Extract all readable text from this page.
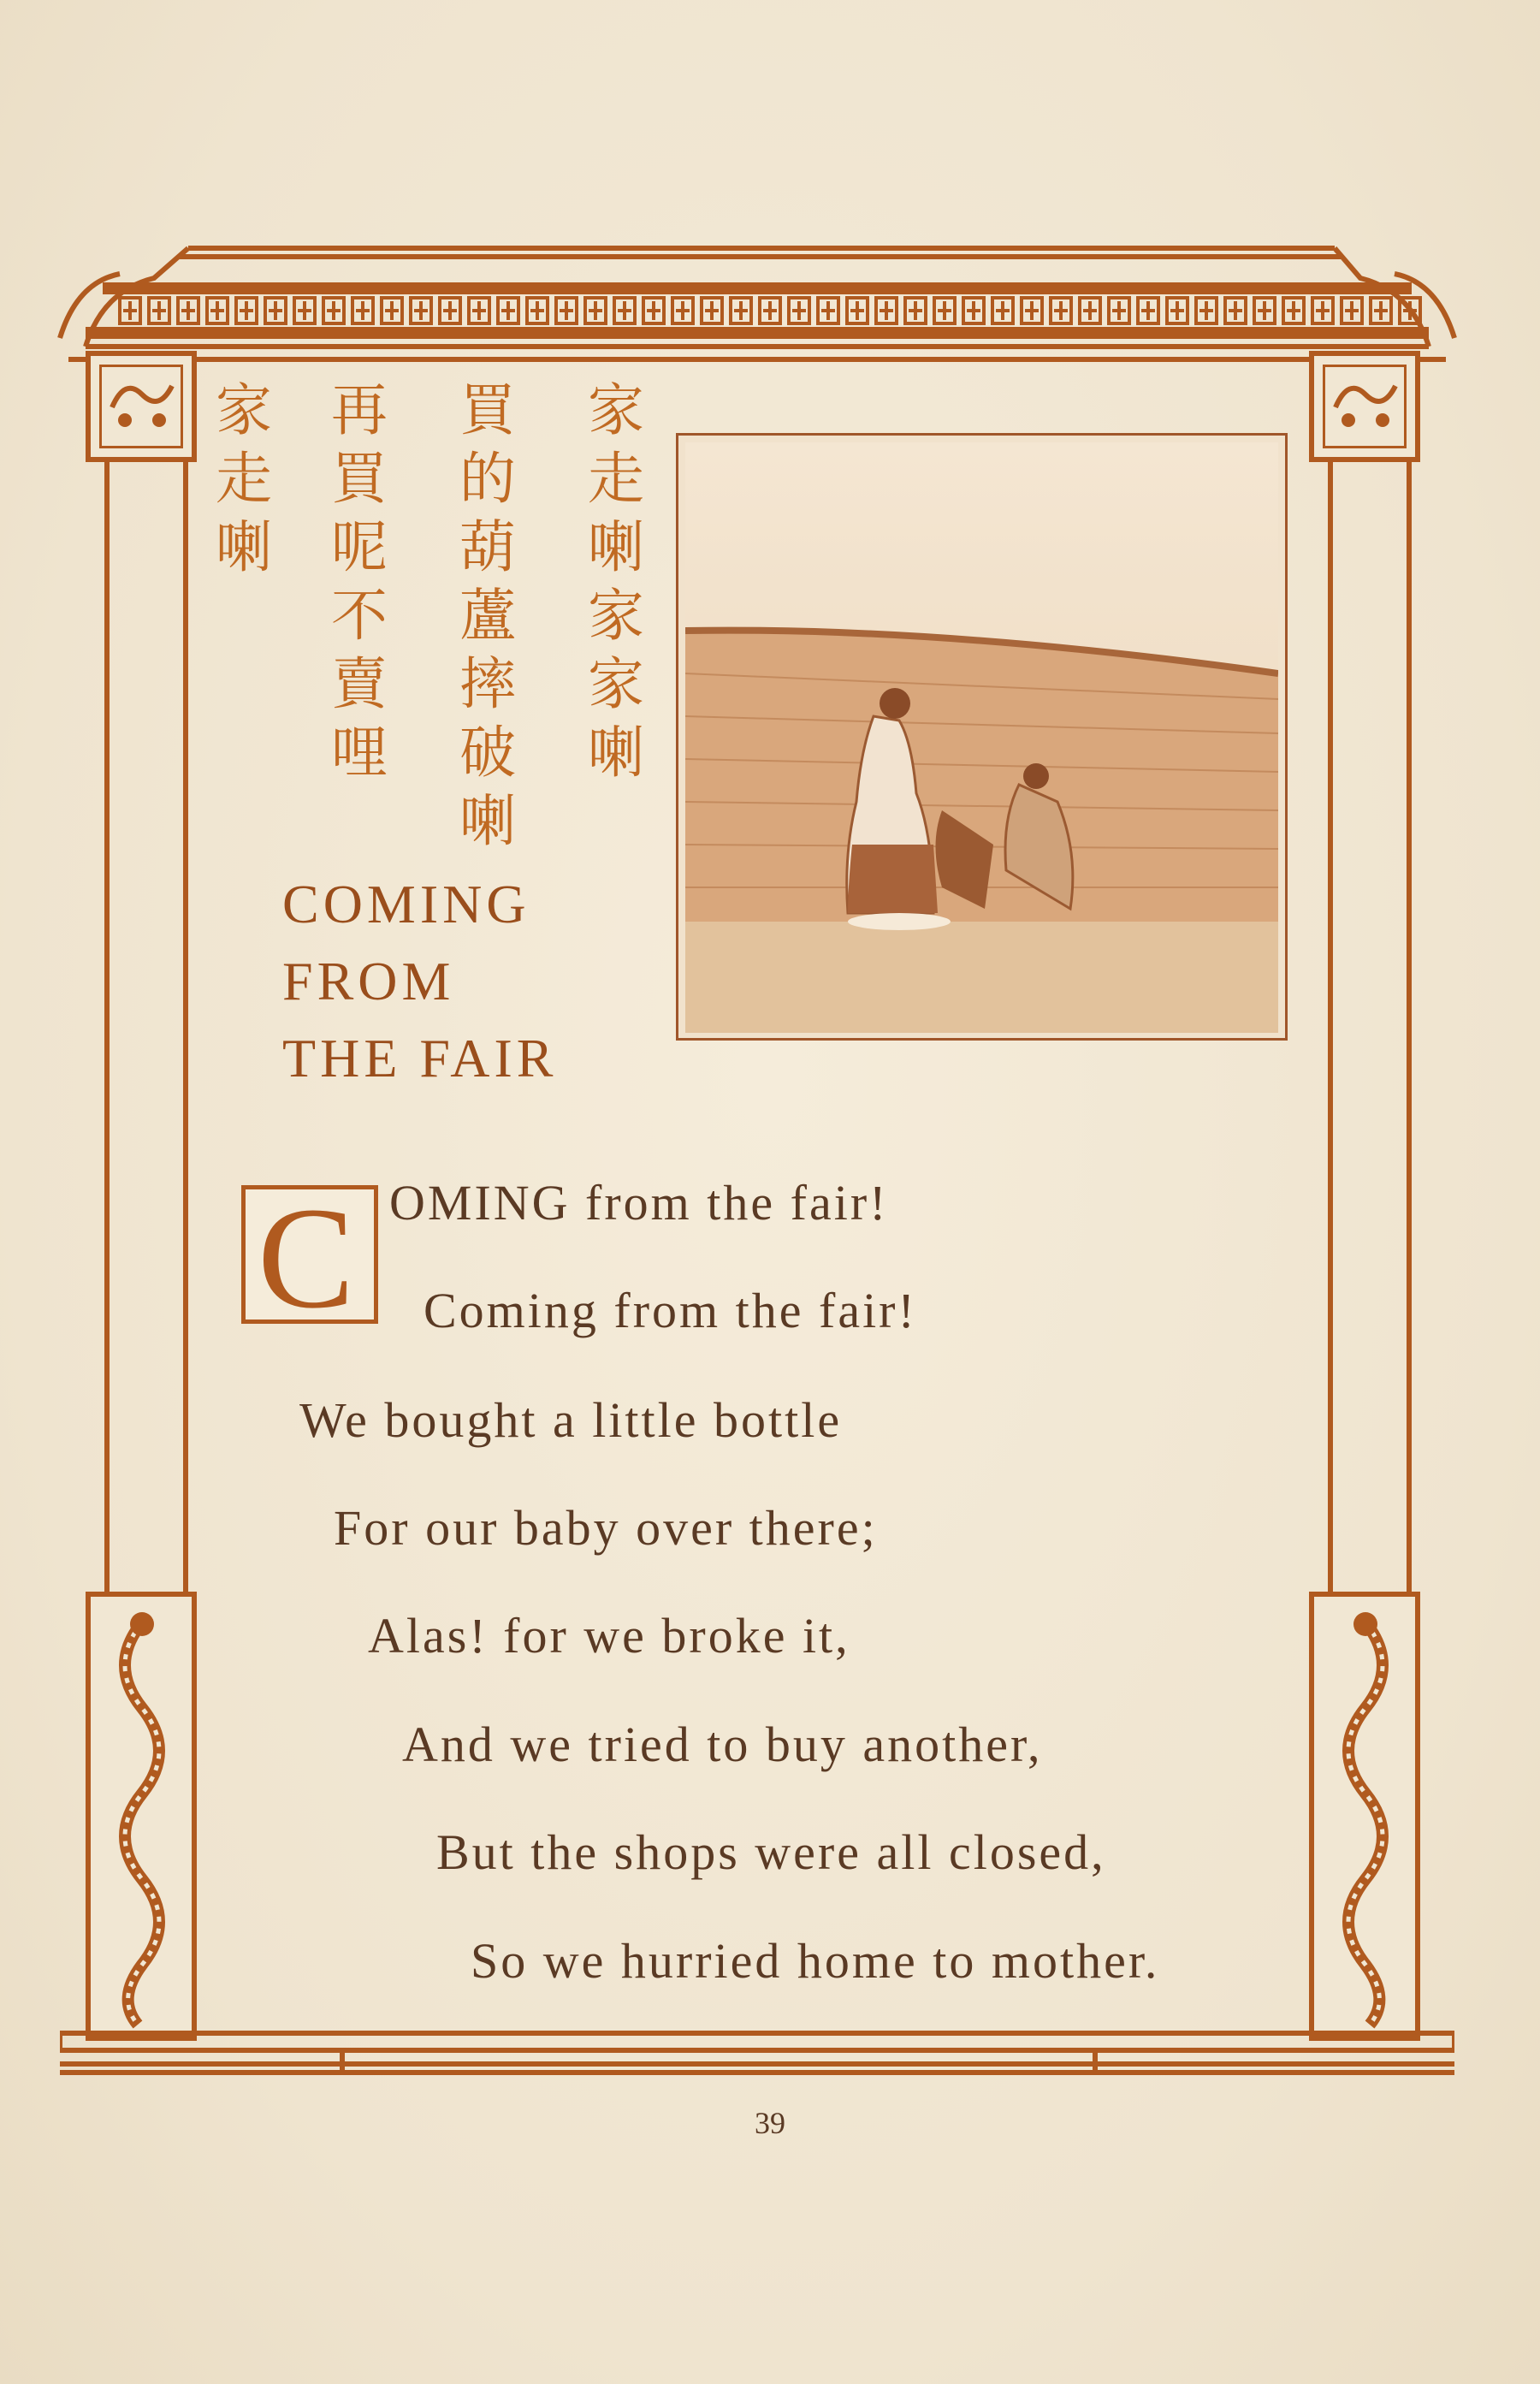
家
走
喇
再
買
呢
不
賣
哩
買
的
葫
蘆
摔
破
喇
家
走
喇
家
家
喇
COMING
FROM
THE FAIR
C OMING from the fair!
Coming from the fair!
We bought a little bottle
For our baby over there;
Alas! for we broke it,
And we tried to buy another,
But the shops were all closed,
So we hurried home to mother.
39
